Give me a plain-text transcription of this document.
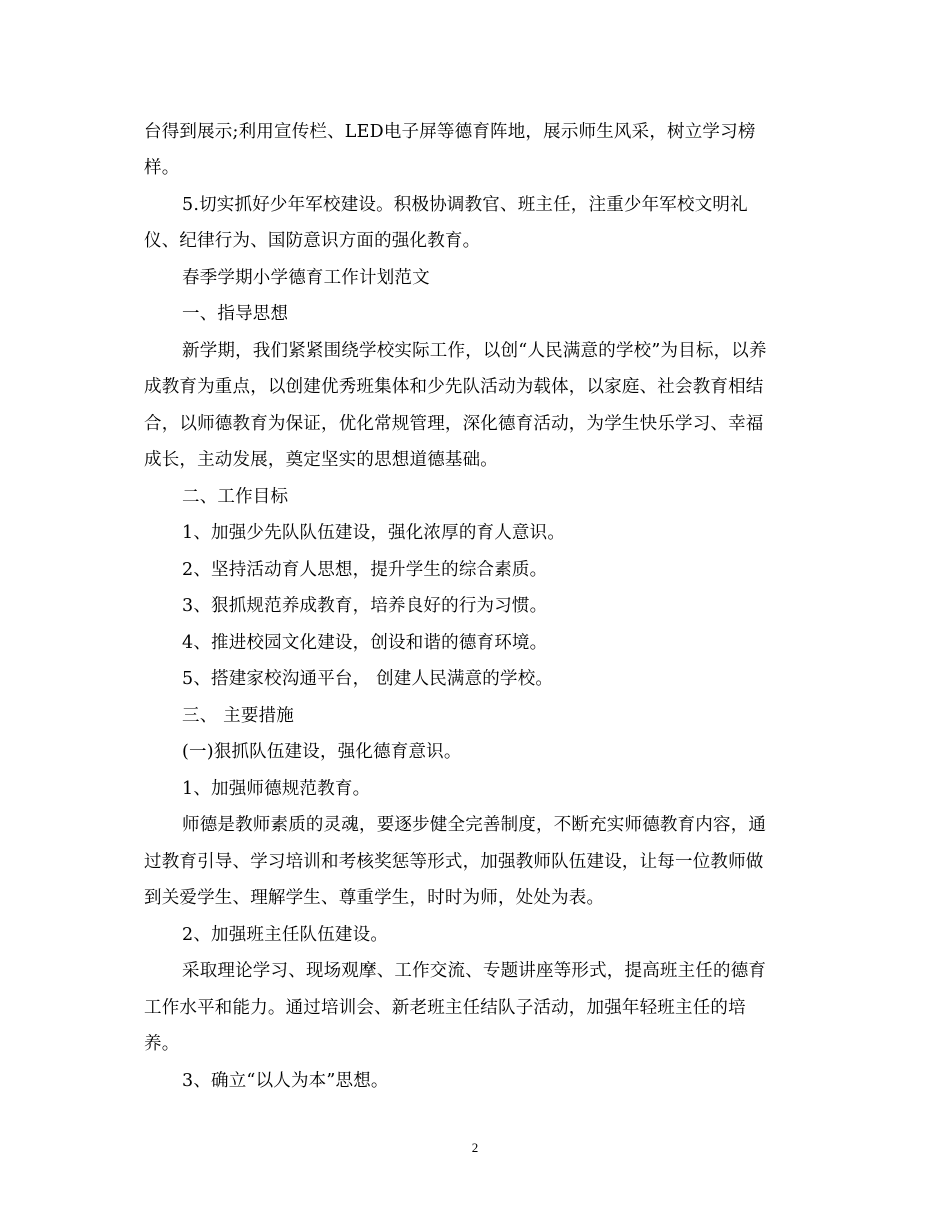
台得到展示;利用宣传栏、LED电子屏等德育阵地，展示师生风采，树立学习榜
样。
5.切实抓好少年军校建设。积极协调教官、班主任，注重少年军校文明礼
仪、纪律行为、国防意识方面的强化教育。
春季学期小学德育工作计划范文
一、指导思想
新学期，我们紧紧围绕学校实际工作，以创“人民满意的学校”为目标，以养
成教育为重点，以创建优秀班集体和少先队活动为载体，以家庭、社会教育相结
合，以师德教育为保证，优化常规管理，深化德育活动，为学生快乐学习、幸福
成长，主动发展，奠定坚实的思想道德基础。
二、工作目标
1、加强少先队队伍建设，强化浓厚的育人意识。
2、坚持活动育人思想，提升学生的综合素质。
3、狠抓规范养成教育，培养良好的行为习惯。
4、推进校园文化建设，创设和谐的德育环境。
5、搭建家校沟通平台， 创建人民满意的学校。
三、 主要措施
(一)狠抓队伍建设，强化德育意识。
1、加强师德规范教育。
师德是教师素质的灵魂，要逐步健全完善制度，不断充实师德教育内容，通
过教育引导、学习培训和考核奖惩等形式，加强教师队伍建设，让每一位教师做
到关爱学生、理解学生、尊重学生，时时为师，处处为表。
2、加强班主任队伍建设。
采取理论学习、现场观摩、工作交流、专题讲座等形式，提高班主任的德育
工作水平和能力。通过培训会、新老班主任结队子活动，加强年轻班主任的培
养。
3、确立“以人为本”思想。
2
